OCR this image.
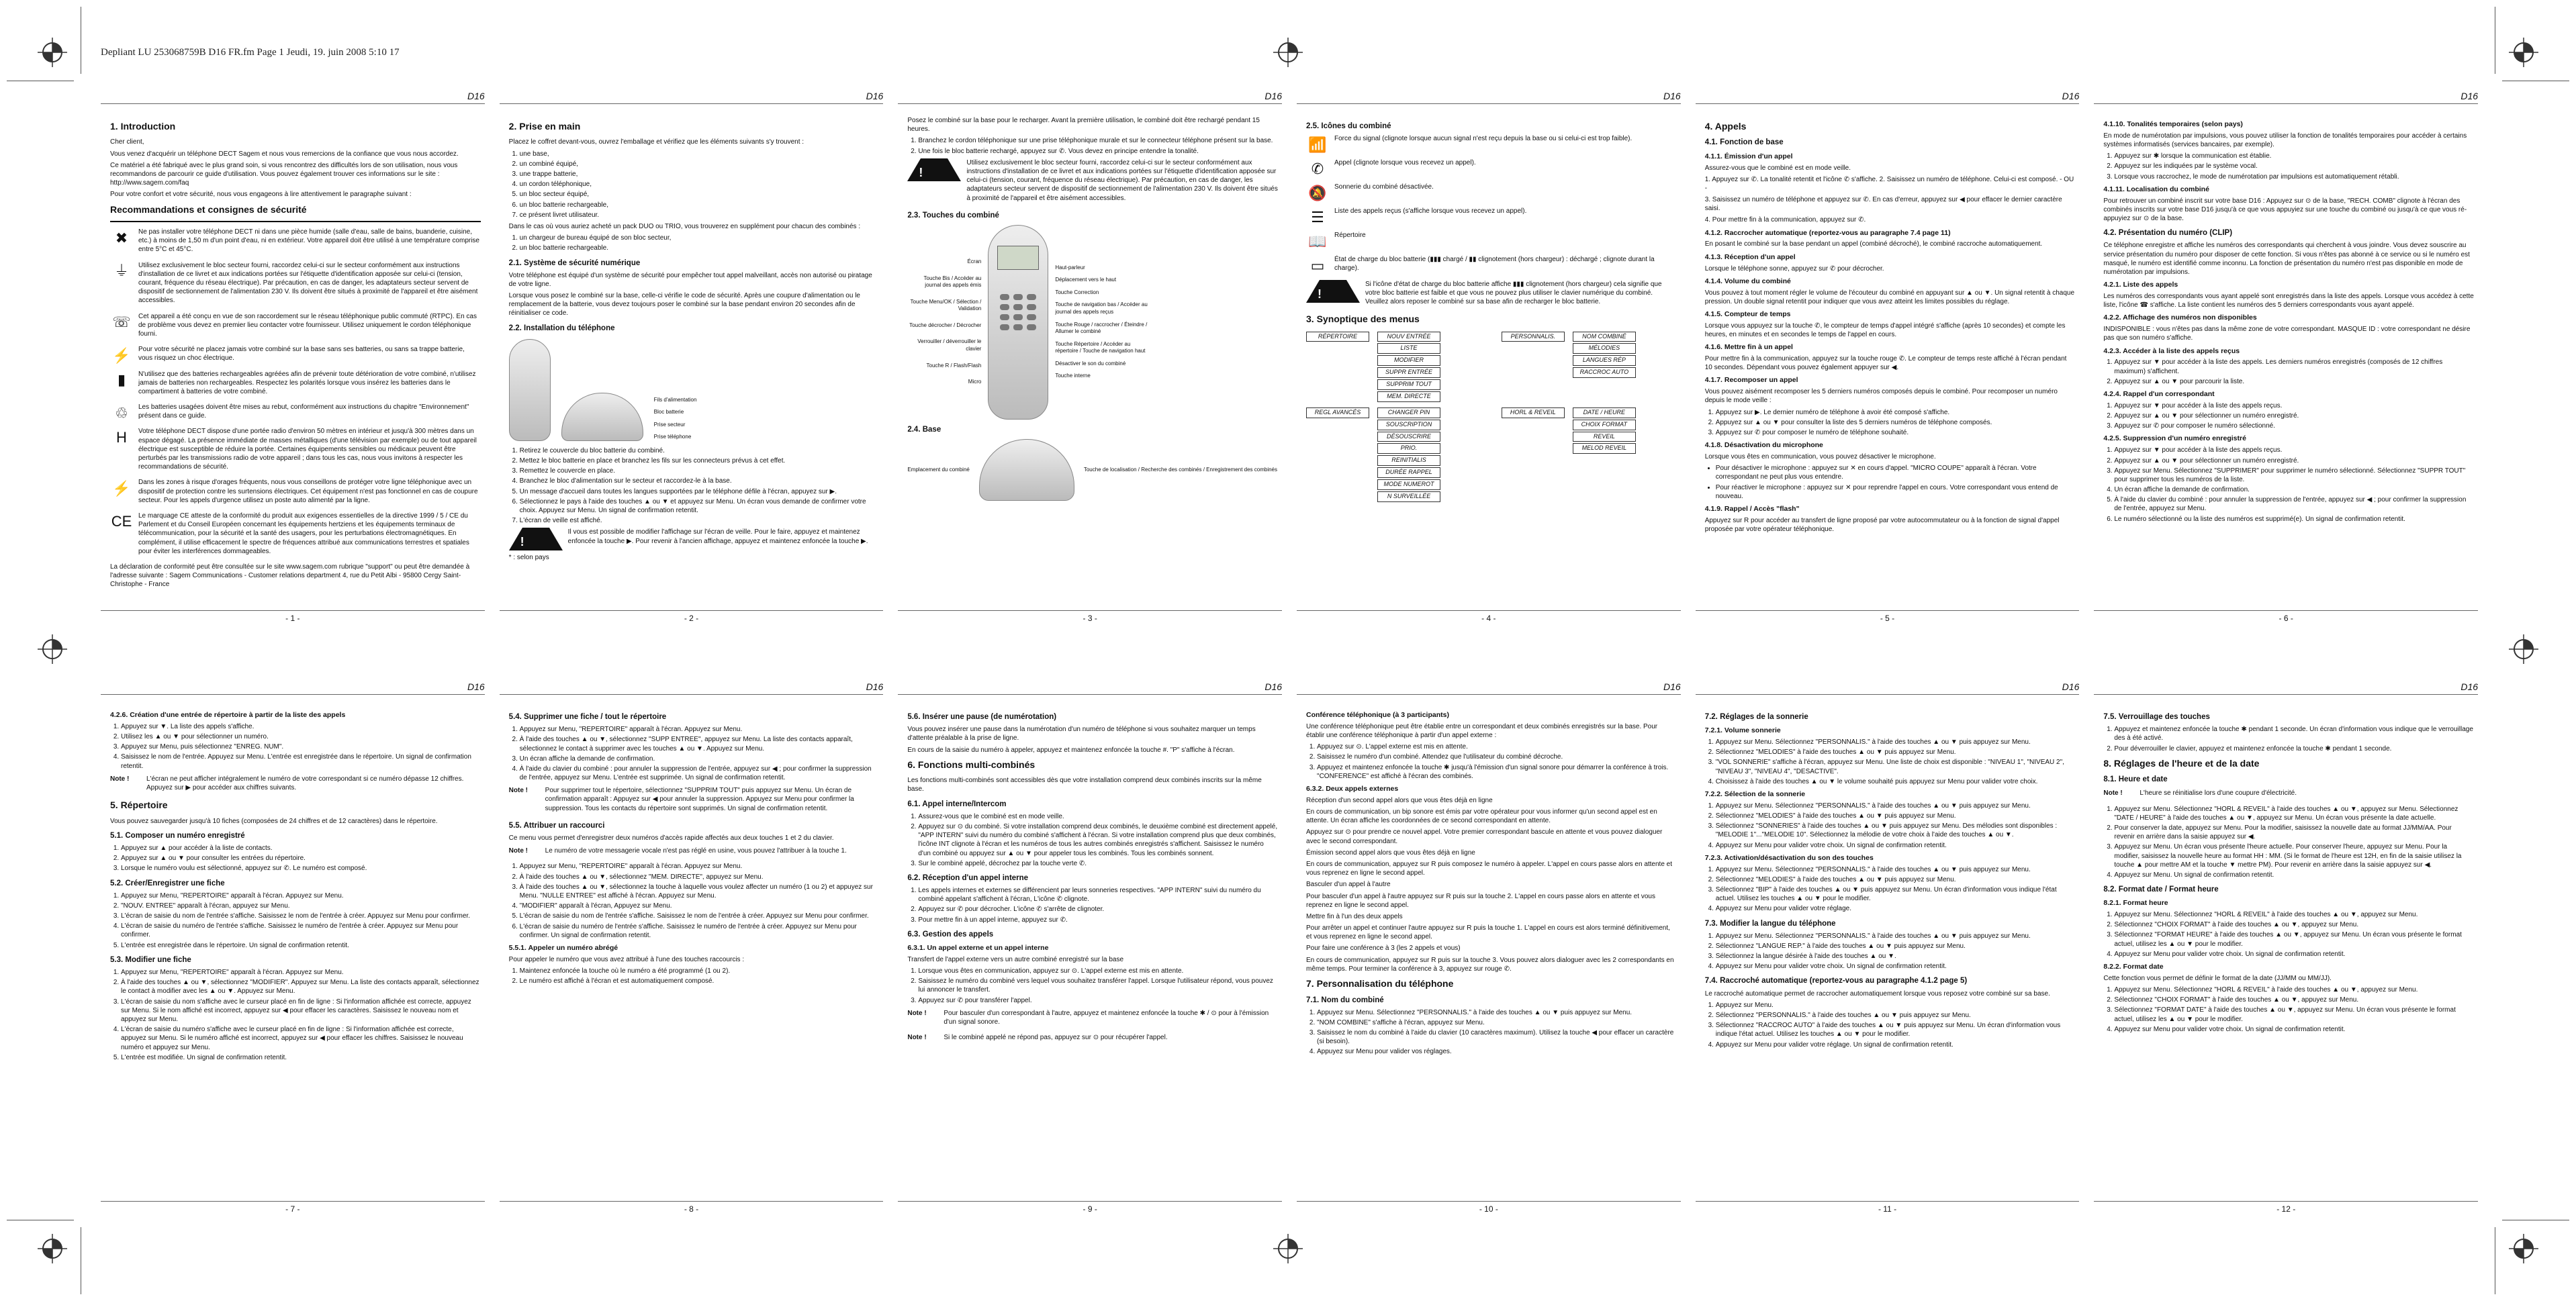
Depliant LU 253068759B D16 FR.fm Page 1 Jeudi, 19. juin 2008 5:10 17
D16
1. Introduction

Cher client,

Vous venez d'acquérir un téléphone DECT Sagem et nous vous remercions de la confiance que vous nous accordez.

Ce matériel a été fabriqué avec le plus grand soin, si vous rencontrez des difficultés lors de son utilisation, nous vous recommandons de parcourir ce guide d'utilisation. Vous pouvez également trouver ces informations sur le site : http://www.sagem.com/faq

Pour votre confort et votre sécurité, nous vous engageons à lire attentivement le paragraphe suivant :

Recommandations et consignes de sécurité
✖	Ne pas installer votre téléphone DECT ni dans une pièce humide (salle d'eau, salle de bains, buanderie, cuisine, etc.) à moins de 1,50 m d'un point d'eau, ni en extérieur. Votre appareil doit être utilisé à une température comprise entre 5°C et 45°C.

⏚	Utilisez exclusivement le bloc secteur fourni, raccordez celui-ci sur le secteur conformément aux instructions d'installation de ce livret et aux indications portées sur l'étiquette d'identification apposée sur celui-ci (tension, courant, fréquence du réseau électrique). Par précaution, en cas de danger, les adaptateurs secteur servent de dispositif de sectionnement de l'alimentation 230 V. Ils doivent être situés à proximité de l'appareil et être aisément accessibles.

☏	Cet appareil a été conçu en vue de son raccordement sur le réseau téléphonique public commuté (RTPC). En cas de problème vous devez en premier lieu contacter votre fournisseur. Utilisez uniquement le cordon téléphonique fourni.

⚡	Pour votre sécurité ne placez jamais votre combiné sur la base sans ses batteries, ou sans sa trappe batterie, vous risquez un choc électrique.

▮	N'utilisez que des batteries rechargeables agréées afin de prévenir toute détérioration de votre combiné, n'utilisez jamais de batteries non rechargeables. Respectez les polarités lorsque vous insérez les batteries dans le compartiment à batteries de votre combiné.

♲	Les batteries usagées doivent être mises au rebut, conformément aux instructions du chapitre "Environnement" présent dans ce guide.

H	Votre téléphone DECT dispose d'une portée radio d'environ 50 mètres en intérieur et jusqu'à 300 mètres dans un espace dégagé. La présence immédiate de masses métalliques (d'une télévision par exemple) ou de tout appareil électrique est susceptible de réduire la portée. Certaines équipements sensibles ou médicaux peuvent être perturbés par les transmissions radio de votre appareil ; dans tous les cas, nous vous invitons à respecter les recommandations de sécurité.

⚡	Dans les zones à risque d'orages fréquents, nous vous conseillons de protéger votre ligne téléphonique avec un dispositif de protection contre les surtensions électriques. Cet équipement n'est pas fonctionnel en cas de coupure secteur. Pour les appels d'urgence utilisez un poste auto alimenté par la ligne.

CE Le marquage CE atteste de la conformité du produit aux exigences essentielles de la directive 1999 / 5 / CE du Parlement et du Conseil Européen concernant les équipements hertziens et les équipements terminaux de télécommunication, pour la sécurité et la santé des usagers, pour les perturbations électromagnétiques. En complément, il utilise efficacement le spectre de fréquences attribué aux communications terrestres et spatiales pour éviter les interférences dommageables.

La déclaration de conformité peut être consultée sur le site www.sagem.com rubrique "support" ou peut être demandée à l'adresse suivante : Sagem Communications - Customer relations department 4, rue du Petit Albi - 95800 Cergy Saint-Christophe - France

- 1 -
D16
2. Prise en main

Placez le coffret devant-vous, ouvrez l'emballage et vérifiez que les éléments suivants s'y trouvent :

1. une base,
2. un combiné équipé,
3. une trappe batterie,
4. un cordon téléphonique,
5. un bloc secteur équipé,
6. un bloc batterie rechargeable,
7. ce présent livret utilisateur.

Dans le cas où vous auriez acheté un pack DUO ou TRIO, vous trouverez en supplément pour chacun des combinés :

1. un chargeur de bureau équipé de son bloc secteur,
2. un bloc batterie rechargeable.
2.1. Système de sécurité numérique

Votre téléphone est équipé d'un système de sécurité pour empêcher tout appel malveillant, accès non autorisé ou piratage de votre ligne.

Lorsque vous posez le combiné sur la base, celle-ci vérifie le code de sécurité. Après une coupure d'alimentation ou le remplacement de la batterie, vous devez toujours poser le combiné sur la base pendant environ 20 secondes afin de réinitialiser ce code.

2.2. Installation du téléphone
Fils d'alimentation
Bloc batterie
Prise secteur
Prise téléphone
1. Retirez le couvercle du bloc batterie du combiné.
2. Mettez le bloc batterie en place et branchez les fils sur les connecteurs prévus à cet effet.
3. Remettez le couvercle en place.
4. Branchez le bloc d'alimentation sur le secteur et raccordez-le à la base.
5. Un message d'accueil dans toutes les langues supportées par le téléphone défile à l'écran, appuyez sur ▶.
6. Sélectionnez le pays à l'aide des touches ▲ ou ▼ et appuyez sur Menu. Un écran vous demande de confirmer votre choix. Appuyez sur Menu. Un signal de confirmation retentit.
7. L'écran de veille est affiché.
!

Il vous est possible de modifier l'affichage sur l'écran de veille. Pour le faire, appuyez et maintenez enfoncée la touche ▶. Pour revenir à l'ancien affichage, appuyez et maintenez enfoncée la touche ▶.

* : selon pays

- 2 -
D16

Posez le combiné sur la base pour le recharger. Avant la première utilisation, le combiné doit être rechargé pendant 15 heures.

1. Branchez le cordon téléphonique sur une prise téléphonique murale et sur le connecteur téléphone présent sur la base.
2. Une fois le bloc batterie rechargé, appuyez sur ✆. Vous devez en principe entendre la tonalité.
!

Utilisez exclusivement le bloc secteur fourni, raccordez celui-ci sur le secteur conformément aux instructions d'installation de ce livret et aux indications portées sur l'étiquette d'identification apposée sur celui-ci (tension, courant, fréquence du réseau électrique). Par précaution, en cas de danger, les adaptateurs secteur servent de dispositif de sectionnement de l'alimentation 230 V. Ils doivent être situés à proximité de l'appareil et être aisément accessibles.

2.3. Touches du combiné
Écran
Touche Bis / Accéder au journal des appels émis
Touche Menu/OK / Sélection / Validation
Touche décrocher / Décrocher
Verrouiller / déverrouiller le clavier
Touche R / Flash/Flash
Micro
Haut-parleur
Déplacement vers le haut
Touche Correction
Touche de navigation bas / Accéder au journal des appels reçus
Touche Rouge / raccrocher / Éteindre / Allumer le combiné
Touche Répertoire / Accéder au répertoire / Touche de navigation haut
Désactiver le son du combiné
Touche interne
2.4. Base
Emplacement du combiné	Touche de localisation / Recherche des combinés / Enregistrement des combinés
- 3 -
D16
2.5. Icônes du combiné
📶	Force du signal (clignote lorsque aucun signal n'est reçu depuis la base ou si celui-ci est trop faible).

✆	Appel (clignote lorsque vous recevez un appel).

🔕	Sonnerie du combiné désactivée.

☰	Liste des appels reçus (s'affiche lorsque vous recevez un appel).

📖	Répertoire

▭	État de charge du bloc batterie (▮▮▮ chargé / ▮▮ clignotement (hors chargeur) : déchargé ; clignote durant la charge).

!

Si l'icône d'état de charge du bloc batterie affiche ▮▮▮ clignotement (hors chargeur) cela signifie que votre bloc batterie est faible et que vous ne pouvez plus utiliser le clavier numérique du combiné. Veuillez alors reposer le combiné sur sa base afin de recharger le bloc batterie.

3. Synoptique des menus
RÉPERTOIRE	NOUV ENTRÉE
LISTE
MODIFIER
SUPPR ENTRÉE
SUPPRIM TOUT
MEM. DIRECTE
PERSONNALIS.	NOM COMBINÉ
MÉLODIES
LANGUES RÉP
RACCROC AUTO
REGL AVANCÉS	CHANGER PIN
SOUSCRIPTION
DÉSOUSCRIRE
PRIO.
REINITIALIS
DURÉE RAPPEL
MODE NUMEROT
N SURVEILLÉE
HORL & REVEIL	DATE / HEURE
CHOIX FORMAT
REVEIL
MELOD REVEIL
- 4 -
D16
4. Appels
4.1. Fonction de base
4.1.1. Émission d'un appel

Assurez-vous que le combiné est en mode veille.

1. Appuyez sur ✆. La tonalité retentit et l'icône ✆ s'affiche. 2. Saisissez un numéro de téléphone. Celui-ci est composé. - OU -

3. Saisissez un numéro de téléphone et appuyez sur ✆. En cas d'erreur, appuyez sur ◀ pour effacer le dernier caractère saisi.

4. Pour mettre fin à la communication, appuyez sur ✆.

4.1.2. Raccrocher automatique (reportez-vous au paragraphe 7.4 page 11)

En posant le combiné sur la base pendant un appel (combiné décroché), le combiné raccroche automatiquement.

4.1.3. Réception d'un appel

Lorsque le téléphone sonne, appuyez sur ✆ pour décrocher.

4.1.4. Volume du combiné

Vous pouvez à tout moment régler le volume de l'écouteur du combiné en appuyant sur ▲ ou ▼. Un signal retentit à chaque pression. Un double signal retentit pour indiquer que vous avez atteint les limites possibles du réglage.

4.1.5. Compteur de temps

Lorsque vous appuyez sur la touche ✆, le compteur de temps d'appel intégré s'affiche (après 10 secondes) et compte les heures, en minutes et en secondes le temps de l'appel en cours.

4.1.6. Mettre fin à un appel

Pour mettre fin à la communication, appuyez sur la touche rouge ✆. Le compteur de temps reste affiché à l'écran pendant 10 secondes. Dépendant vous pouvez également appuyer sur ◀.

4.1.7. Recomposer un appel

Vous pouvez aisément recomposer les 5 derniers numéros composés depuis le combiné. Pour recomposer un numéro depuis le mode veille :

1. Appuyez sur ▶. Le dernier numéro de téléphone à avoir été composé s'affiche.
2. Appuyez sur ▲ ou ▼ pour consulter la liste des 5 derniers numéros de téléphone composés.
3. Appuyez sur ✆ pour composer le numéro de téléphone souhaité.
4.1.8. Désactivation du microphone

Lorsque vous êtes en communication, vous pouvez désactiver le microphone.

• Pour désactiver le microphone : appuyez sur ✕ en cours d'appel. "MICRO COUPE" apparaît à l'écran. Votre correspondant ne peut plus vous entendre.
• Pour réactiver le microphone : appuyez sur ✕ pour reprendre l'appel en cours. Votre correspondant vous entend de nouveau.
4.1.9. Rappel / Accès "flash"

Appuyez sur R pour accéder au transfert de ligne proposé par votre autocommutateur ou à la fonction de signal d'appel proposée par votre opérateur téléphonique.

- 5 -
D16
4.1.10. Tonalités temporaires (selon pays)

En mode de numérotation par impulsions, vous pouvez utiliser la fonction de tonalités temporaires pour accéder à certains systèmes informatisés (services bancaires, par exemple).

1. Appuyez sur ✱ lorsque la communication est établie.
2. Appuyez sur les indiquées par le système vocal.
3. Lorsque vous raccrochez, le mode de numérotation par impulsions est automatiquement rétabli.
4.1.11. Localisation du combiné

Pour retrouver un combiné inscrit sur votre base D16 : Appuyez sur ⊙ de la base, "RECH. COMB" clignote à l'écran des combinés inscrits sur votre base D16 jusqu'à ce que vous appuyiez sur une touche du combiné ou jusqu'à ce que vous ré-appuyiez sur ⊙ de la base.

4.2. Présentation du numéro (CLIP)

Ce téléphone enregistre et affiche les numéros des correspondants qui cherchent à vous joindre. Vous devez souscrire au service présentation du numéro pour disposer de cette fonction. Si vous n'êtes pas abonné à ce service ou si le numéro est masqué, le numéro est identifié comme inconnu. La fonction de présentation du numéro n'est pas disponible en mode de numérotation par impulsions.

4.2.1. Liste des appels

Les numéros des correspondants vous ayant appelé sont enregistrés dans la liste des appels. Lorsque vous accédez à cette liste, l'icône ☎ s'affiche. La liste contient les numéros des 5 derniers correspondants vous ayant appelé.

4.2.2. Affichage des numéros non disponibles

INDISPONIBLE : vous n'êtes pas dans la même zone de votre correspondant. MASQUE ID : votre correspondant ne désire pas que son numéro s'affiche.

4.2.3. Accéder à la liste des appels reçus
1. Appuyez sur ▼ pour accéder à la liste des appels. Les derniers numéros enregistrés (composés de 12 chiffres maximum) s'affichent.
2. Appuyez sur ▲ ou ▼ pour parcourir la liste.
4.2.4. Rappel d'un correspondant
1. Appuyez sur ▼ pour accéder à la liste des appels reçus.
2. Appuyez sur ▲ ou ▼ pour sélectionner un numéro enregistré.
3. Appuyez sur ✆ pour composer le numéro sélectionné.
4.2.5. Suppression d'un numéro enregistré
1. Appuyez sur ▼ pour accéder à la liste des appels reçus.
2. Appuyez sur ▲ ou ▼ pour sélectionner un numéro enregistré.
3. Appuyez sur Menu. Sélectionnez "SUPPRIMER" pour supprimer le numéro sélectionné. Sélectionnez "SUPPR TOUT" pour supprimer tous les numéros de la liste.
4. Un écran affiche la demande de confirmation.
5. À l'aide du clavier du combiné : pour annuler la suppression de l'entrée, appuyez sur ◀ ; pour confirmer la suppression de l'entrée, appuyez sur Menu.
6. Le numéro sélectionné ou la liste des numéros est supprimé(e). Un signal de confirmation retentit.
- 6 -
D16
4.2.6. Création d'une entrée de répertoire à partir de la liste des appels
1. Appuyez sur ▼. La liste des appels s'affiche.
2. Utilisez les ▲ ou ▼ pour sélectionner un numéro.
3. Appuyez sur Menu, puis sélectionnez "ENREG. NUM".
4. Saisissez le nom de l'entrée. Appuyez sur Menu. L'entrée est enregistrée dans le répertoire. Un signal de confirmation retentit.
Note !	L'écran ne peut afficher intégralement le numéro de votre correspondant si ce numéro dépasse 12 chiffres. Appuyez sur ▶ pour accéder aux chiffres suivants.

5. Répertoire

Vous pouvez sauvegarder jusqu'à 10 fiches (composées de 24 chiffres et de 12 caractères) dans le répertoire.

5.1. Composer un numéro enregistré
1. Appuyez sur ▲ pour accéder à la liste de contacts.
2. Appuyez sur ▲ ou ▼ pour consulter les entrées du répertoire.
3. Lorsque le numéro voulu est sélectionné, appuyez sur ✆. Le numéro est composé.
5.2. Créer/Enregistrer une fiche
1. Appuyez sur Menu, "REPERTOIRE" apparaît à l'écran. Appuyez sur Menu.
2. "NOUV. ENTREE" apparaît à l'écran, appuyez sur Menu.
3. L'écran de saisie du nom de l'entrée s'affiche. Saisissez le nom de l'entrée à créer. Appuyez sur Menu pour confirmer.
4. L'écran de saisie du numéro de l'entrée s'affiche. Saisissez le numéro de l'entrée à créer. Appuyez sur Menu pour confirmer.
5. L'entrée est enregistrée dans le répertoire. Un signal de confirmation retentit.
5.3. Modifier une fiche
1. Appuyez sur Menu, "REPERTOIRE" apparaît à l'écran. Appuyez sur Menu.
2. À l'aide des touches ▲ ou ▼, sélectionnez "MODIFIER". Appuyez sur Menu. La liste des contacts apparaît, sélectionnez le contact à modifier avec les ▲ ou ▼. Appuyez sur Menu.
3. L'écran de saisie du nom s'affiche avec le curseur placé en fin de ligne : Si l'information affichée est correcte, appuyez sur Menu. Si le nom affiché est incorrect, appuyez sur ◀ pour effacer les caractères. Saisissez le nouveau nom et appuyez sur Menu.
4. L'écran de saisie du numéro s'affiche avec le curseur placé en fin de ligne : Si l'information affichée est correcte, appuyez sur Menu. Si le numéro affiché est incorrect, appuyez sur ◀ pour effacer les chiffres. Saisissez le nouveau numéro et appuyez sur Menu.
5. L'entrée est modifiée. Un signal de confirmation retentit.
- 7 -
D16
5.4. Supprimer une fiche / tout le répertoire
1. Appuyez sur Menu, "REPERTOIRE" apparaît à l'écran. Appuyez sur Menu.
2. À l'aide des touches ▲ ou ▼, sélectionnez "SUPP ENTREE", appuyez sur Menu. La liste des contacts apparaît, sélectionnez le contact à supprimer avec les touches ▲ ou ▼. Appuyez sur Menu.
3. Un écran affiche la demande de confirmation.
4. À l'aide du clavier du combiné : pour annuler la suppression de l'entrée, appuyez sur ◀ ; pour confirmer la suppression de l'entrée, appuyez sur Menu. L'entrée est supprimée. Un signal de confirmation retentit.
Note !	Pour supprimer tout le répertoire, sélectionnez "SUPPRIM TOUT" puis appuyez sur Menu. Un écran de confirmation apparaît : Appuyez sur ◀ pour annuler la suppression. Appuyez sur Menu pour confirmer la suppression. Tous les contacts du répertoire sont supprimés. Un signal de confirmation retentit.

5.5. Attribuer un raccourci

Ce menu vous permet d'enregistrer deux numéros d'accès rapide affectés aux deux touches 1 et 2 du clavier.

Note !	Le numéro de votre messagerie vocale n'est pas réglé en usine, vous pouvez l'attribuer à la touche 1.

1. Appuyez sur Menu, "REPERTOIRE" apparaît à l'écran. Appuyez sur Menu.
2. À l'aide des touches ▲ ou ▼, sélectionnez "MEM. DIRECTE", appuyez sur Menu.
3. À l'aide des touches ▲ ou ▼, sélectionnez la touche à laquelle vous voulez affecter un numéro (1 ou 2) et appuyez sur Menu. "NULLE ENTREE" est affiché à l'écran. Appuyez sur Menu.
4. "MODIFIER" apparaît à l'écran, Appuyez sur Menu.
5. L'écran de saisie du nom de l'entrée s'affiche. Saisissez le nom de l'entrée à créer. Appuyez sur Menu pour confirmer.
6. L'écran de saisie du numéro de l'entrée s'affiche. Saisissez le numéro de l'entrée à créer. Appuyez sur Menu pour confirmer. Un signal de confirmation retentit.
5.5.1. Appeler un numéro abrégé

Pour appeler le numéro que vous avez attribué à l'une des touches raccourcis :

1. Maintenez enfoncée la touche où le numéro a été programmé (1 ou 2).
2. Le numéro est affiché à l'écran et est automatiquement composé.
- 8 -
D16
5.6. Insérer une pause (de numérotation)

Vous pouvez insérer une pause dans la numérotation d'un numéro de téléphone si vous souhaitez marquer un temps d'attente préalable à la prise de ligne.

En cours de la saisie du numéro à appeler, appuyez et maintenez enfoncée la touche #. "P" s'affiche à l'écran.

6. Fonctions multi-combinés

Les fonctions multi-combinés sont accessibles dès que votre installation comprend deux combinés inscrits sur la même base.

6.1. Appel interne/Intercom
1. Assurez-vous que le combiné est en mode veille.
2. Appuyez sur ⊙ du combiné. Si votre installation comprend deux combinés, le deuxième combiné est directement appelé, "APP INTERN" suivi du numéro du combiné s'affichent à l'écran. Si votre installation comprend plus que deux combinés, l'icône INT clignote à l'écran et les numéros de tous les autres combinés enregistrés s'affichent. Saisissez le numéro d'un combiné ou appuyez sur ▲ ou ▼ pour appeler tous les combinés. Tous les combinés sonnent.
3. Sur le combiné appelé, décrochez par la touche verte ✆.
6.2. Réception d'un appel interne
1. Les appels internes et externes se différencient par leurs sonneries respectives. "APP INTERN" suivi du numéro du combiné appelant s'affichent à l'écran, L'icône ✆ clignote.
2. Appuyez sur ✆ pour décrocher. L'icône ✆ s'arrête de clignoter.
3. Pour mettre fin à un appel interne, appuyez sur ✆.
6.3. Gestion des appels
6.3.1. Un appel externe et un appel interne

Transfert de l'appel externe vers un autre combiné enregistré sur la base

1. Lorsque vous êtes en communication, appuyez sur ⊙. L'appel externe est mis en attente.
2. Saisissez le numéro du combiné vers lequel vous souhaitez transférer l'appel. Lorsque l'utilisateur répond, vous pouvez lui annoncer le transfert.
3. Appuyez sur ✆ pour transférer l'appel.
Note !	Pour basculer d'un correspondant à l'autre, appuyez et maintenez enfoncée la touche ✱ / ⊙ pour à l'émission d'un signal sonore.

Note !	Si le combiné appelé ne répond pas, appuyez sur ⊙ pour récupérer l'appel.

- 9 -
D16
Conférence téléphonique (à 3 participants)

Une conférence téléphonique peut être établie entre un correspondant et deux combinés enregistrés sur la base. Pour établir une conférence téléphonique à partir d'un appel externe :

1. Appuyez sur ⊙. L'appel externe est mis en attente.
2. Saisissez le numéro d'un combiné. Attendez que l'utilisateur du combiné décroche.
3. Appuyez et maintenez enfoncée la touche ✱ jusqu'à l'émission d'un signal sonore pour démarrer la conférence à trois. "CONFERENCE" est affiché à l'écran des combinés.
6.3.2. Deux appels externes

Réception d'un second appel alors que vous êtes déjà en ligne

En cours de communication, un bip sonore est émis par votre opérateur pour vous informer qu'un second appel est en attente. Un écran affiche les coordonnées de ce second correspondant en attente.

Appuyez sur ⊙ pour prendre ce nouvel appel. Votre premier correspondant bascule en attente et vous pouvez dialoguer avec le second correspondant.

Émission second appel alors que vous êtes déjà en ligne

En cours de communication, appuyez sur R puis composez le numéro à appeler. L'appel en cours passe alors en attente et vous reprenez en ligne le second appel.

Basculer d'un appel à l'autre

Pour basculer d'un appel à l'autre appuyez sur R puis sur la touche 2. L'appel en cours passe alors en attente et vous reprenez en ligne le second appel.

Mettre fin à l'un des deux appels

Pour arrêter un appel et continuer l'autre appuyez sur R puis la touche 1. L'appel en cours est alors terminé définitivement, et vous reprenez en ligne le second appel.

Pour faire une conférence à 3 (les 2 appels et vous)

En cours de communication, appuyez sur R puis sur la touche 3. Vous pouvez alors dialoguer avec les 2 correspondants en même temps. Pour terminer la conférence à 3, appuyez sur rouge ✆.

7. Personnalisation du téléphone
7.1. Nom du combiné
1. Appuyez sur Menu. Sélectionnez "PERSONNALIS." à l'aide des touches ▲ ou ▼ puis appuyez sur Menu.
2. "NOM COMBINE" s'affiche à l'écran, appuyez sur Menu.
3. Saisissez le nom du combiné à l'aide du clavier (10 caractères maximum). Utilisez la touche ◀ pour effacer un caractère (si besoin).
4. Appuyez sur Menu pour valider vos réglages.
- 10 -
D16
7.2. Réglages de la sonnerie
7.2.1. Volume sonnerie
1. Appuyez sur Menu. Sélectionnez "PERSONNALIS." à l'aide des touches ▲ ou ▼ puis appuyez sur Menu.
2. Sélectionnez "MELODIES" à l'aide des touches ▲ ou ▼ puis appuyez sur Menu.
3. "VOL SONNERIE" s'affiche à l'écran, appuyez sur Menu. Une liste de choix est disponible : "NIVEAU 1", "NIVEAU 2", "NIVEAU 3", "NIVEAU 4", "DESACTIVE".
4. Choisissez à l'aide des touches ▲ ou ▼ le volume souhaité puis appuyez sur Menu pour valider votre choix.
7.2.2. Sélection de la sonnerie
1. Appuyez sur Menu. Sélectionnez "PERSONNALIS." à l'aide des touches ▲ ou ▼ puis appuyez sur Menu.
2. Sélectionnez "MELODIES" à l'aide des touches ▲ ou ▼ puis appuyez sur Menu.
3. Sélectionnez "SONNERIES" à l'aide des touches ▲ ou ▼ puis appuyez sur Menu. Des mélodies sont disponibles : "MELODIE 1"..."MELODIE 10". Sélectionnez la mélodie de votre choix à l'aide des touches ▲ ou ▼.
4. Appuyez sur Menu pour valider votre choix. Un signal de confirmation retentit.
7.2.3. Activation/désactivation du son des touches
1. Appuyez sur Menu. Sélectionnez "PERSONNALIS." à l'aide des touches ▲ ou ▼ puis appuyez sur Menu.
2. Sélectionnez "MELODIES" à l'aide des touches ▲ ou ▼ puis appuyez sur Menu.
3. Sélectionnez "BIP" à l'aide des touches ▲ ou ▼ puis appuyez sur Menu. Un écran d'information vous indique l'état actuel. Utilisez les touches ▲ ou ▼ pour le modifier.
4. Appuyez sur Menu pour valider votre réglage.
7.3. Modifier la langue du téléphone
1. Appuyez sur Menu. Sélectionnez "PERSONNALIS." à l'aide des touches ▲ ou ▼ puis appuyez sur Menu.
2. Sélectionnez "LANGUE REP." à l'aide des touches ▲ ou ▼ puis appuyez sur Menu.
3. Sélectionnez la langue désirée à l'aide des touches ▲ ou ▼.
4. Appuyez sur Menu pour valider votre choix. Un signal de confirmation retentit.
7.4. Raccroché automatique (reportez-vous au paragraphe 4.1.2 page 5)

Le raccroché automatique permet de raccrocher automatiquement lorsque vous reposez votre combiné sur sa base.

1. Appuyez sur Menu.
2. Sélectionnez "PERSONNALIS." à l'aide des touches ▲ ou ▼ puis appuyez sur Menu.
3. Sélectionnez "RACCROC AUTO" à l'aide des touches ▲ ou ▼ puis appuyez sur Menu. Un écran d'information vous indique l'état actuel. Utilisez les touches ▲ ou ▼ pour le modifier.
4. Appuyez sur Menu pour valider votre réglage. Un signal de confirmation retentit.
- 11 -
D16
7.5. Verrouillage des touches
1. Appuyez et maintenez enfoncée la touche ✱ pendant 1 seconde. Un écran d'information vous indique que le verrouillage des à été activé.
2. Pour déverrouiller le clavier, appuyez et maintenez enfoncée la touche ✱ pendant 1 seconde.
8. Réglages de l'heure et de la date
8.1. Heure et date
Note !	L'heure se réinitialise lors d'une coupure d'électricité.

1. Appuyez sur Menu. Sélectionnez "HORL & REVEIL" à l'aide des touches ▲ ou ▼, appuyez sur Menu. Sélectionnez "DATE / HEURE" à l'aide des touches ▲ ou ▼, appuyez sur Menu. Un écran vous présente la date actuelle.
2. Pour conserver la date, appuyez sur Menu. Pour la modifier, saisissez la nouvelle date au format JJ/MM/AA. Pour revenir en arrière dans la saisie appuyez sur ◀.
3. Appuyez sur Menu. Un écran vous présente l'heure actuelle. Pour conserver l'heure, appuyez sur Menu. Pour la modifier, saisissez la nouvelle heure au format HH : MM. (Si le format de l'heure est 12H, en fin de la saisie utilisez la touche ▲ pour mettre AM et la touche ▼ mettre PM). Pour revenir en arrière dans la saisie appuyez sur ◀.
4. Appuyez sur Menu. Un signal de confirmation retentit.
8.2. Format date / Format heure
8.2.1. Format heure
1. Appuyez sur Menu. Sélectionnez "HORL & REVEIL" à l'aide des touches ▲ ou ▼, appuyez sur Menu.
2. Sélectionnez "CHOIX FORMAT" à l'aide des touches ▲ ou ▼, appuyez sur Menu.
3. Sélectionnez "FORMAT HEURE" à l'aide des touches ▲ ou ▼, appuyez sur Menu. Un écran vous présente le format actuel, utilisez les ▲ ou ▼ pour le modifier.
4. Appuyez sur Menu pour valider votre choix. Un signal de confirmation retentit.
8.2.2. Format date

Cette fonction vous permet de définir le format de la date (JJ/MM ou MM/JJ).

1. Appuyez sur Menu. Sélectionnez "HORL & REVEIL" à l'aide des touches ▲ ou ▼, appuyez sur Menu.
2. Sélectionnez "CHOIX FORMAT" à l'aide des touches ▲ ou ▼, appuyez sur Menu.
3. Sélectionnez "FORMAT DATE" à l'aide des touches ▲ ou ▼, appuyez sur Menu. Un écran vous présente le format actuel, utilisez les ▲ ou ▼ pour le modifier.
4. Appuyez sur Menu pour valider votre choix. Un signal de confirmation retentit.
- 12 -
